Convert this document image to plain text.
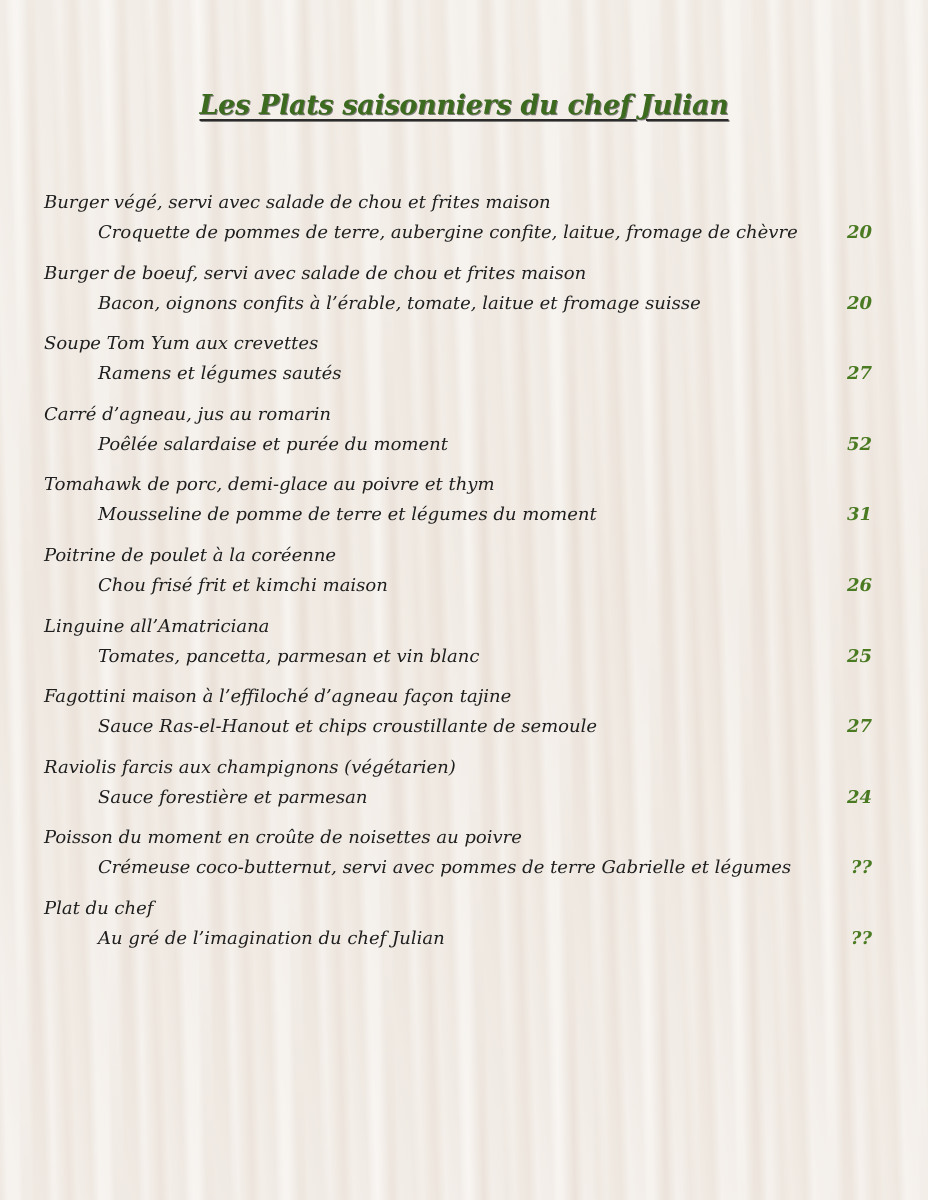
Les Plats saisonniers du chef Julian
Burger végé, servi avec salade de chou et frites maison
Croquette de pommes de terre, aubergine confite, laitue, fromage de chèvre	20
Burger de boeuf, servi avec salade de chou et frites maison
Bacon, oignons confits à l’érable, tomate, laitue et fromage suisse	20
Soupe Tom Yum aux crevettes
Ramens et légumes sautés	27
Carré d’agneau, jus au romarin
Poêlée salardaise et purée du moment	52
Tomahawk de porc, demi-glace au poivre et thym
Mousseline de pomme de terre et légumes du moment	31
Poitrine de poulet à la coréenne
Chou frisé frit et kimchi maison	26
Linguine all’Amatriciana
Tomates, pancetta, parmesan et vin blanc	25
Fagottini maison à l’effiloché d’agneau façon tajine
Sauce Ras-el-Hanout et chips croustillante de semoule	27
Raviolis farcis aux champignons (végétarien)
Sauce forestière et parmesan	24
Poisson du moment en croûte de noisettes au poivre
Crémeuse coco-butternut, servi avec pommes de terre Gabrielle et légumes	??
Plat du chef
Au gré de l’imagination du chef Julian	??
